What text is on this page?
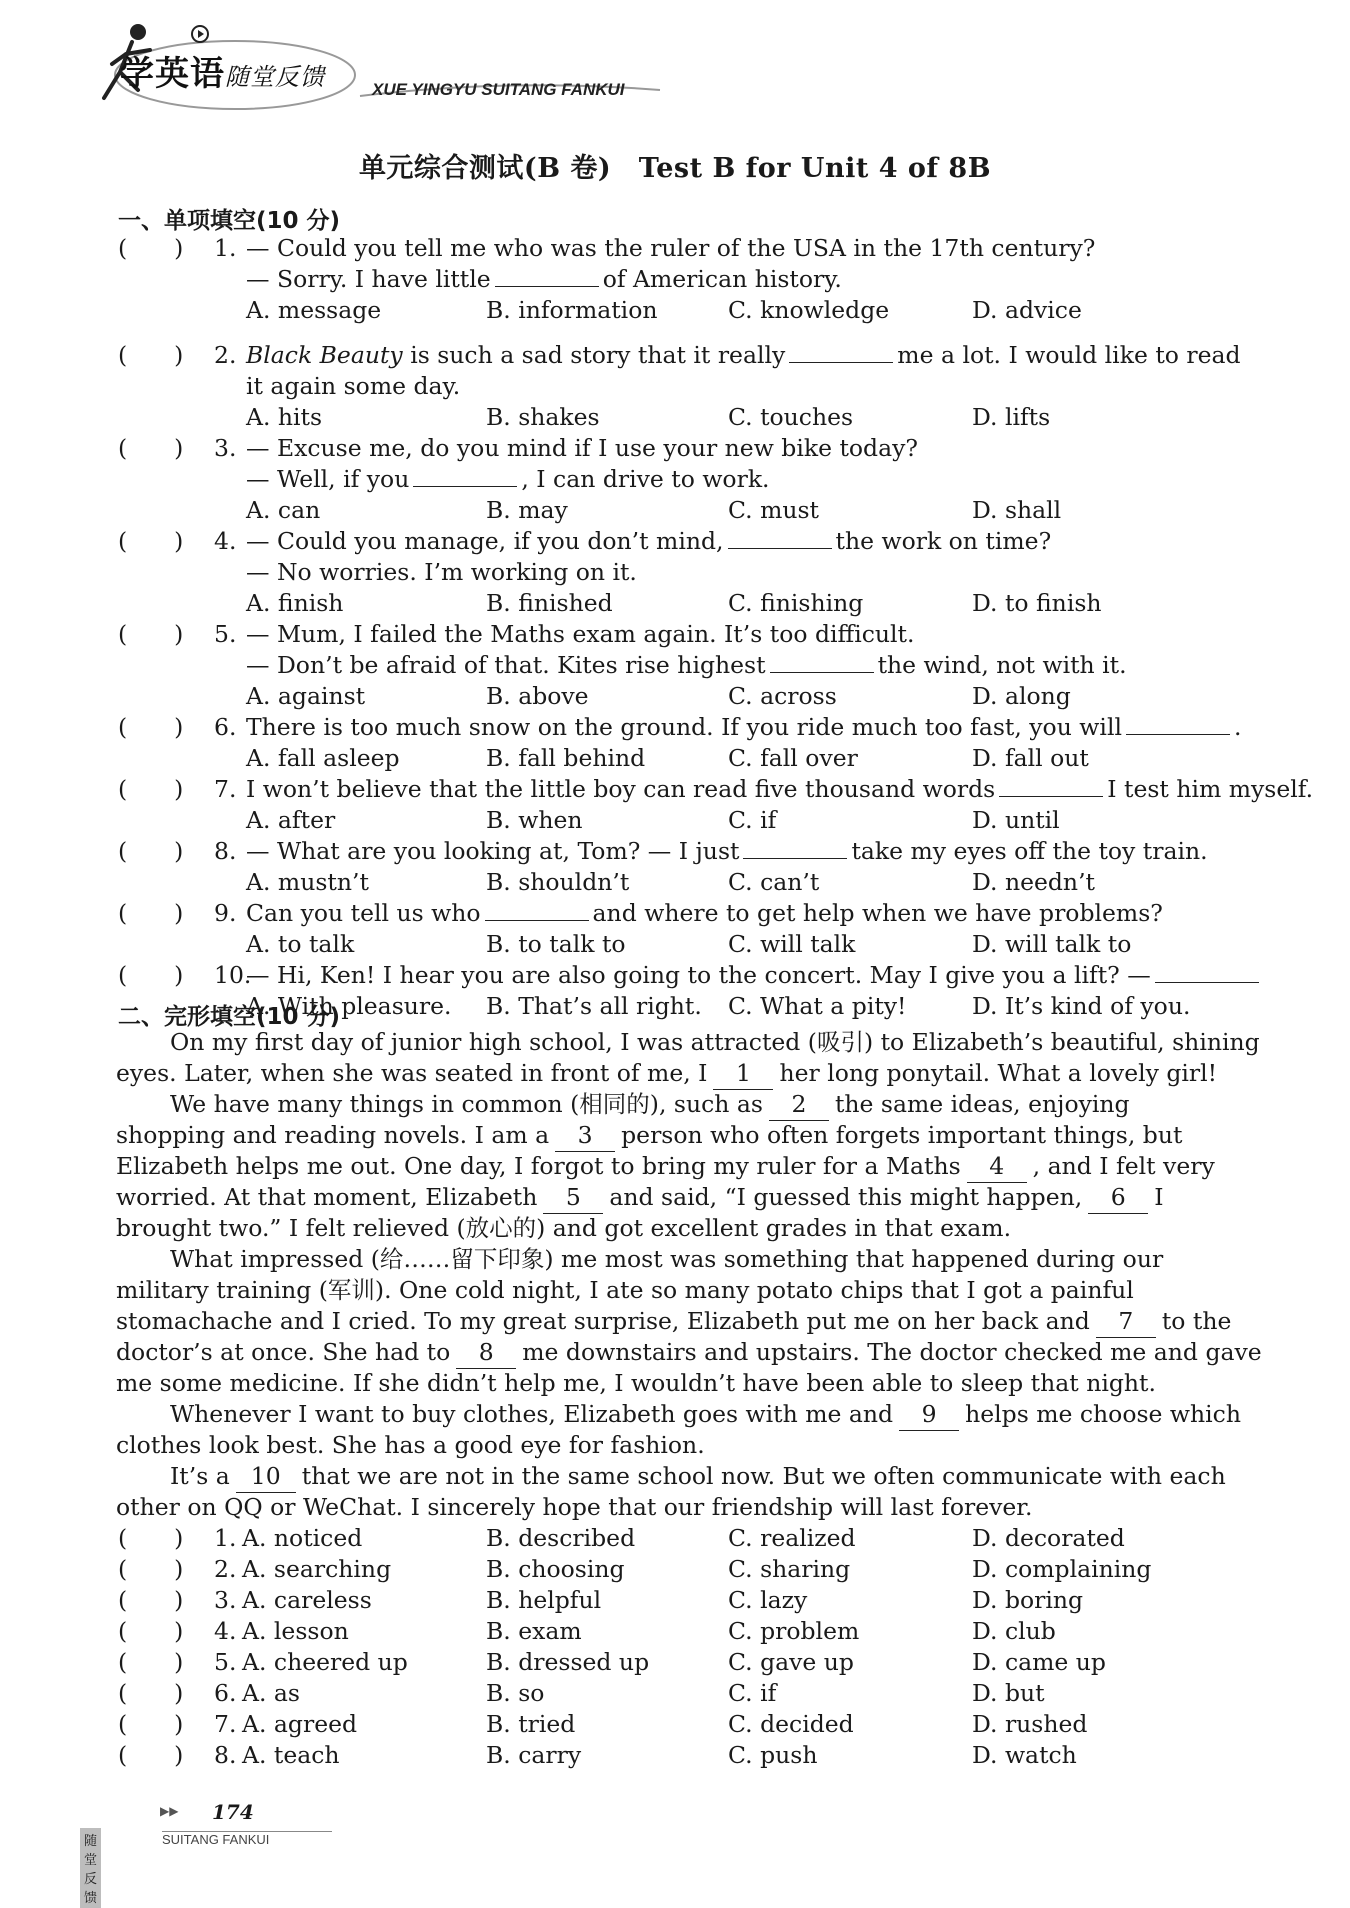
学英语随堂反馈	XUE YINGYU SUITANG FANKUI
单元综合测试(B 卷)　Test B for Unit 4 of 8B
一、单项填空(10 分)
(　　) 1. — Could you tell me who was the ruler of the USA in the 17th century?
— Sorry. I have little	of American history.
A. message	B. information	C. knowledge	D. advice
(　　) 2. Black Beauty is such a sad story that it really	me a lot. I would like to read
it again some day.
A. hits	B. shakes	C. touches	D. lifts
(　　) 3. — Excuse me, do you mind if I use your new bike today?
— Well, if you	, I can drive to work.
A. can	B. may	C. must	D. shall
(　　) 4. — Could you manage, if you don’t mind,	the work on time?
— No worries. I’m working on it.
A. finish	B. finished	C. finishing	D. to finish
(　　) 5. — Mum, I failed the Maths exam again. It’s too difficult.
— Don’t be afraid of that. Kites rise highest	the wind, not with it.
A. against	B. above	C. across	D. along
(　　) 6. There is too much snow on the ground. If you ride much too fast, you will	.
A. fall asleep	B. fall behind	C. fall over	D. fall out
(　　) 7. I won’t believe that the little boy can read five thousand words	I test him myself.
A. after	B. when	C. if	D. until
(　　) 8. — What are you looking at, Tom? — I just	take my eyes off the toy train.
A. mustn’t	B. shouldn’t	C. can’t	D. needn’t
(　　) 9. Can you tell us who	and where to get help when we have problems?
A. to talk	B. to talk to	C. will talk	D. will talk to
(　　) 10.
— Hi, Ken! I hear you are also going to the concert. May I give you a lift? —
A. With pleasure. B. That’s all right. C. What a pity!	D. It’s kind of you.
二、完形填空(10 分)
On my first day of junior high school, I was attracted (吸引) to Elizabeth’s beautiful, shining
eyes. Later, when she was seated in front of me, I 1 her long ponytail. What a lovely girl!
We have many things in common (相同的), such as 2 the same ideas, enjoying
shopping and reading novels. I am a 3 person who often forgets important things, but
Elizabeth helps me out. One day, I forgot to bring my ruler for a Maths 4 , and I felt very
worried. At that moment, Elizabeth 5 and said, “I guessed this might happen, 6 I
brought two.” I felt relieved (放心的) and got excellent grades in that exam.
What impressed (给……留下印象) me most was something that happened during our
military training (军训). One cold night, I ate so many potato chips that I got a painful
stomachache and I cried. To my great surprise, Elizabeth put me on her back and 7 to the
doctor’s at once. She had to 8 me downstairs and upstairs. The doctor checked me and gave
me some medicine. If she didn’t help me, I wouldn’t have been able to sleep that night.
Whenever I want to buy clothes, Elizabeth goes with me and 9 helps me choose which
clothes look best. She has a good eye for fashion.
It’s a 10 that we are not in the same school now. But we often communicate with each
other on QQ or WeChat. I sincerely hope that our friendship will last forever.
(　　) 1. A. noticed	B. described	C. realized	D. decorated
(　　) 2. A. searching	B. choosing	C. sharing	D. complaining
(　　) 3. A. careless	B. helpful	C. lazy	D. boring
(　　) 4. A. lesson	B. exam	C. problem	D. club
(　　) 5. A. cheered up	B. dressed up	C. gave up	D. came up
(　　) 6. A. as	B. so	C. if	D. but
(　　) 7. A. agreed	B. tried	C. decided	D. rushed
(　　) 8. A. teach	B. carry	C. push	D. watch
▶▶ 174
随堂反馈
SUITANG FANKUI
